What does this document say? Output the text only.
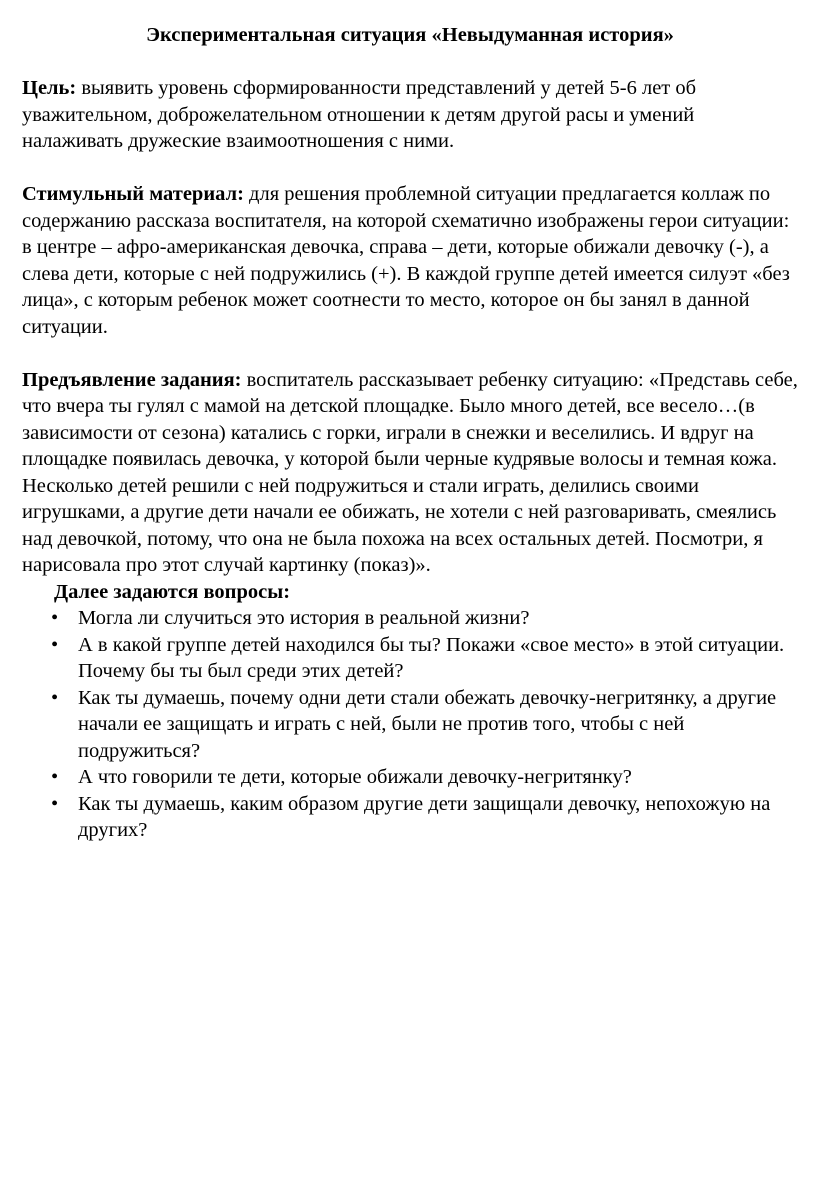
Экспериментальная ситуация «Невыдуманная история»

Цель: выявить уровень сформированности представлений у детей 5-6 лет об уважительном, доброжелательном отношении к детям другой расы и умений налаживать дружеские взаимоотношения с ними.

Стимульный материал: для решения проблемной ситуации предлагается коллаж по содержанию рассказа воспитателя, на которой схематично изображены герои ситуации: в центре – афро-американская девочка, справа – дети, которые обижали девочку (-), а слева дети, которые с ней подружились (+). В каждой группе детей имеется силуэт «без лица», с которым ребенок может соотнести то место, которое он бы занял в данной ситуации.

Предъявление задания: воспитатель рассказывает ребенку ситуацию: «Представь себе, что вчера ты гулял с мамой на детской площадке. Было много детей, все весело…(в зависимости от сезона) катались с горки, играли в снежки и веселились. И вдруг на площадке появилась девочка, у которой были черные кудрявые волосы и темная кожа. Несколько детей решили с ней подружиться и стали играть, делились своими игрушками, а другие дети начали ее обижать, не хотели с ней разговаривать, смеялись над девочкой, потому, что она не была похожа на всех остальных детей. Посмотри, я нарисовала про этот случай картинку (показ)».

Далее задаются вопросы:
• Могла ли случиться это история в реальной жизни?
• А в какой группе детей находился бы ты? Покажи «свое место» в этой ситуации. Почему бы ты был среди этих детей?
• Как ты думаешь, почему одни дети стали обежать девочку-негритянку, а другие начали ее защищать и играть с ней, были не против того, чтобы с ней подружиться?
• А что говорили те дети, которые обижали девочку-негритянку?
• Как ты думаешь, каким образом другие дети защищали девочку, непохожую на других?
